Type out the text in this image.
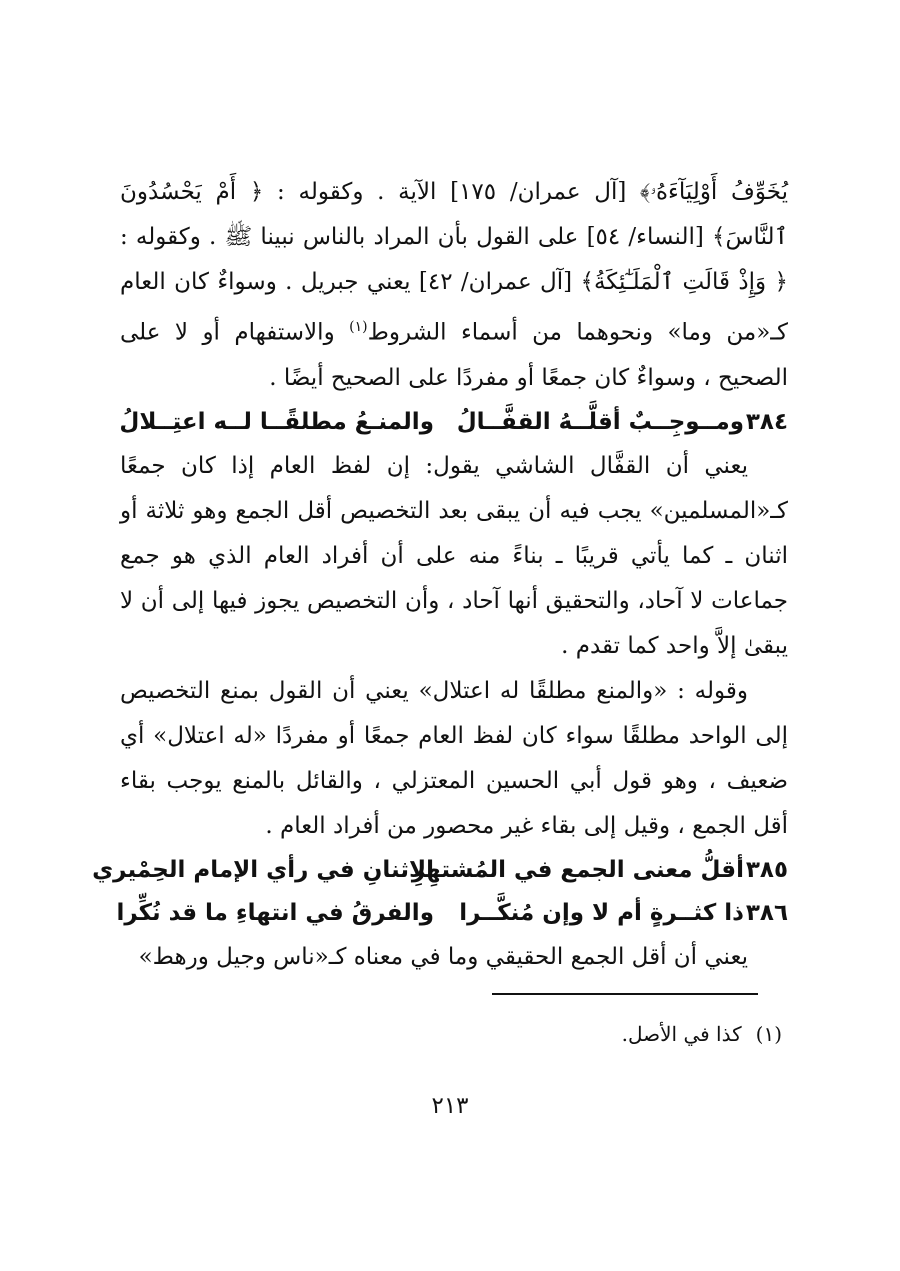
يُخَوِّفُ أَوْلِيَآءَهُۥ﴾ [آل عمران/ ١٧٥] الآية . وكقوله : ﴿ أَمْ يَحْسُدُونَ ٱلنَّاسَ﴾ [النساء/ ٥٤] على القول بأن المراد بالناس نبينا ﷺ . وكقوله : ﴿ وَإِذْ قَالَتِ ٱلْمَلَـٰٓئِكَةُ﴾ [آل عمران/ ٤٢] يعني جبريل . وسواءٌ كان العام كـ«من وما» ونحوهما من أسماء الشروط$^{(١)}$ والاستفهام أو لا على الصحيح ، وسواءٌ كان جمعًا أو مفردًا على الصحيح أيضًا .

٣٨٤ومــوجِــبٌ أقلَّــهُ القفَّــالُوالمنـعُ مطلقًــا لــه اعتِــلالُ

يعني أن القفَّال الشاشي يقول: إن لفظ العام إذا كان جمعًا كـ«المسلمين» يجب فيه أن يبقى بعد التخصيص أقل الجمع وهو ثلاثة أو اثنان ـ كما يأتي قريبًا ـ بناءً منه على أن أفراد العام الذي هو جمع جماعات لا آحاد، والتحقيق أنها آحاد ، وأن التخصيص يجوز فيها إلى أن لا يبقىٰ إلاَّ واحد كما تقدم .

وقوله : «والمنع مطلقًا له اعتلال» يعني أن القول بمنع التخصيص إلى الواحد مطلقًا سواء كان لفظ العام جمعًا أو مفردًا «له اعتلال» أي ضعيف ، وهو قول أبي الحسين المعتزلي ، والقائل بالمنع يوجب بقاء أقل الجمع ، وقيل إلى بقاء غير محصور من أفراد العام .

٣٨٥أقلُّ معنى الجمع في المُشتهِرِالاثنانِ في رأي الإمام الحِمْيري

٣٨٦ذا كثــرةٍ أم لا وإن مُنكَّــراوالفرقُ في انتهاءِ ما قد نُكِّرا

يعني أن أقل الجمع الحقيقي وما في معناه كـ«ناس وجيل ورهط»

(١)كذا في الأصل.
٢١٣
